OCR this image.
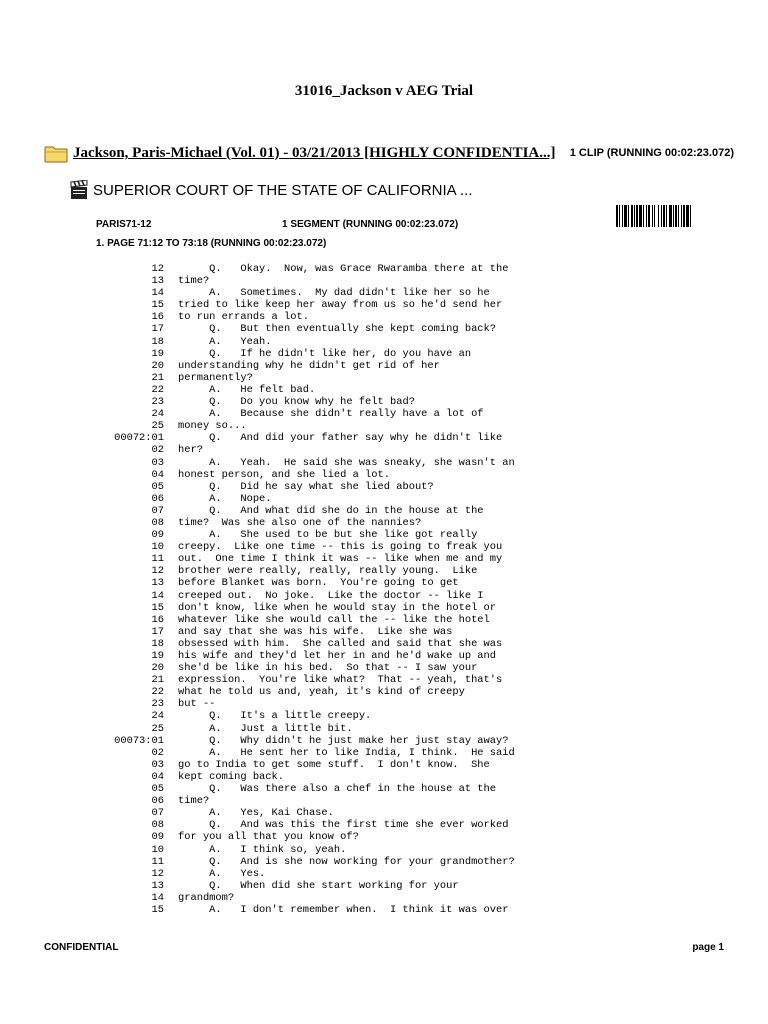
31016_Jackson v AEG Trial
Jackson, Paris-Michael (Vol. 01) - 03/21/2013 [HIGHLY CONFIDENTIA...] 1 CLIP (RUNNING 00:02:23.072)
SUPERIOR COURT OF THE STATE OF CALIFORNIA ...
PARIS71-12	1 SEGMENT (RUNNING 00:02:23.072)
1. PAGE 71:12 TO 73:18 (RUNNING 00:02:23.072)
12	Q.   Okay.  Now, was Grace Rwaramba there at the
13	time?
14	A.   Sometimes.  My dad didn't like her so he
15	tried to like keep her away from us so he'd send her
16	to run errands a lot.
17	Q.   But then eventually she kept coming back?
18	A.   Yeah.
19	Q.   If he didn't like her, do you have an
20	understanding why he didn't get rid of her
21	permanently?
22	A.   He felt bad.
23	Q.   Do you know why he felt bad?
24	A.   Because she didn't really have a lot of
25	money so...
00072:01	Q.   And did your father say why he didn't like
02	her?
03	A.   Yeah.  He said she was sneaky, she wasn't an
04	honest person, and she lied a lot.
05	Q.   Did he say what she lied about?
06	A.   Nope.
07	Q.   And what did she do in the house at the
08	time?  Was she also one of the nannies?
09	A.   She used to be but she like got really
10	creepy.  Like one time -- this is going to freak you
11	out.  One time I think it was -- like when me and my
12	brother were really, really, really young.  Like
13	before Blanket was born.  You're going to get
14	creeped out.  No joke.  Like the doctor -- like I
15	don't know, like when he would stay in the hotel or
16	whatever like she would call the -- like the hotel
17	and say that she was his wife.  Like she was
18	obsessed with him.  She called and said that she was
19	his wife and they'd let her in and he'd wake up and
20	she'd be like in his bed.  So that -- I saw your
21	expression.  You're like what?  That -- yeah, that's
22	what he told us and, yeah, it's kind of creepy
23	but --
24	Q.   It's a little creepy.
25	A.   Just a little bit.
00073:01	Q.   Why didn't he just make her just stay away?
02	A.   He sent her to like India, I think.  He said
03	go to India to get some stuff.  I don't know.  She
04	kept coming back.
05	Q.   Was there also a chef in the house at the
06	time?
07	A.   Yes, Kai Chase.
08	Q.   And was this the first time she ever worked
09	for you all that you know of?
10	A.   I think so, yeah.
11	Q.   And is she now working for your grandmother?
12	A.   Yes.
13	Q.   When did she start working for your
14	grandmom?
15	A.   I don't remember when.  I think it was over
CONFIDENTIAL	page 1
